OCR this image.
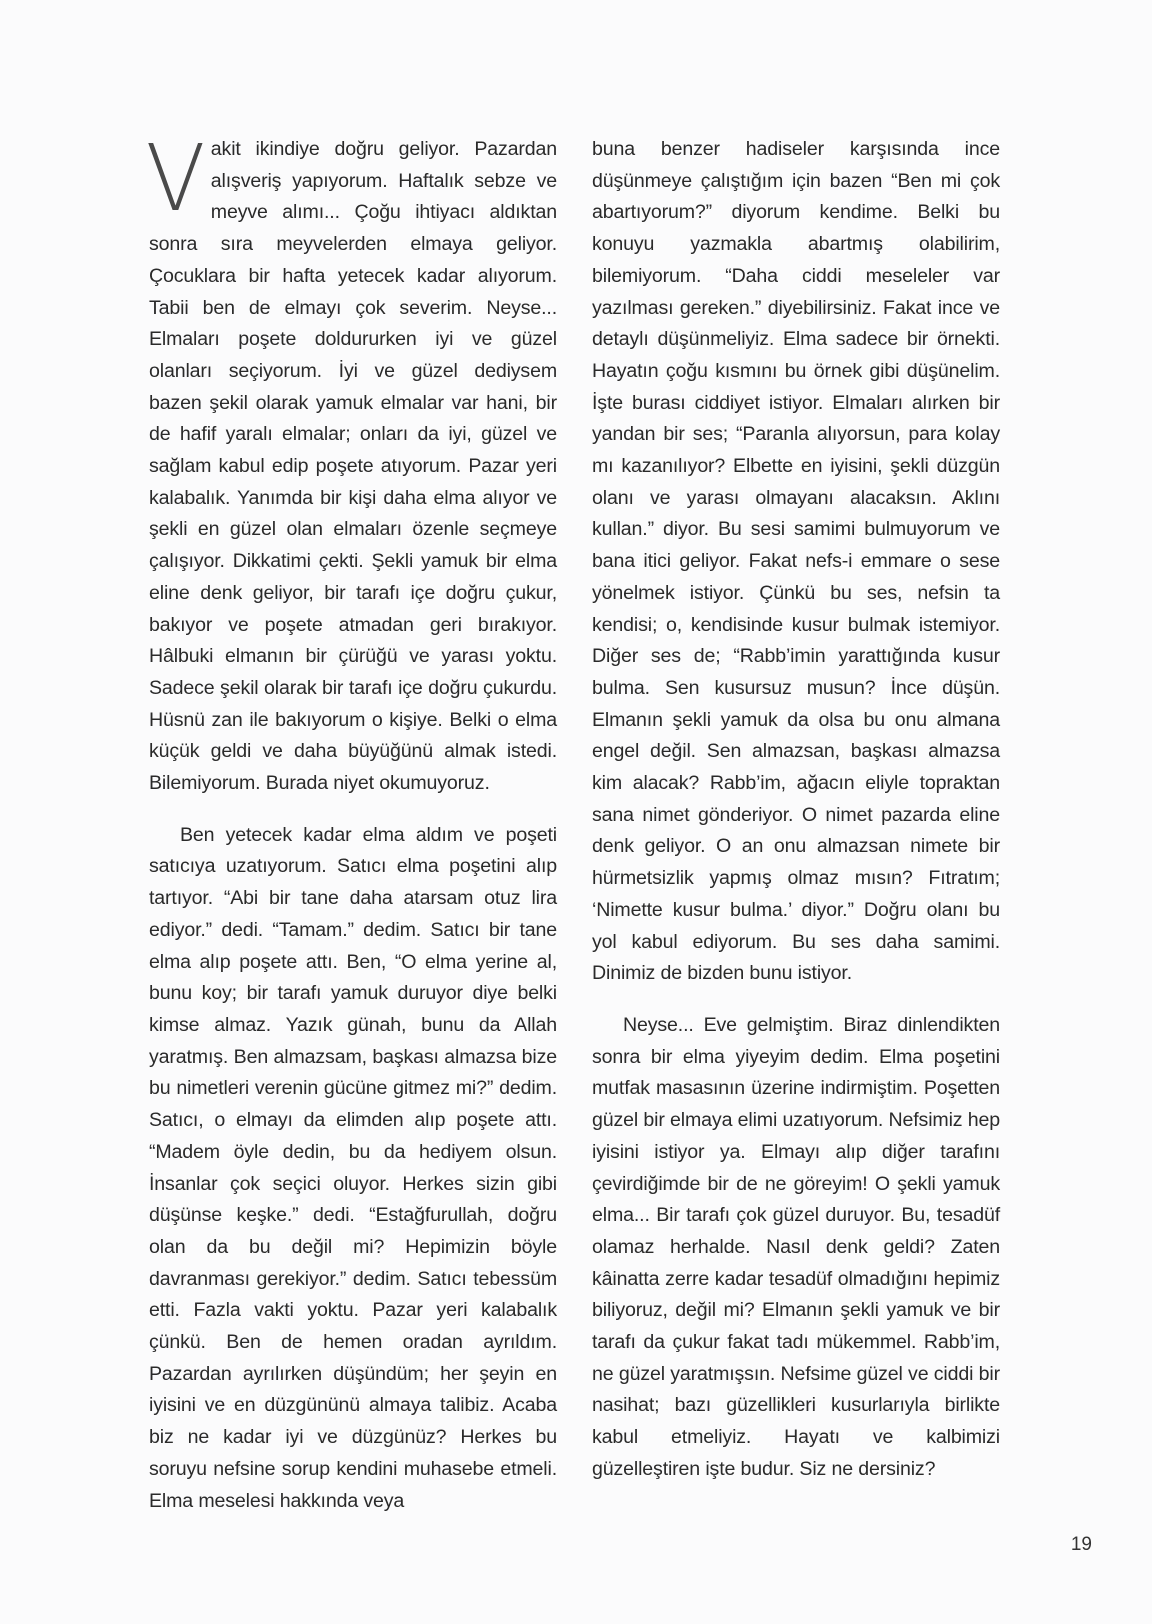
Vakit ikindiye doğru geliyor. Pazardan alışveriş yapıyorum. Haftalık sebze ve meyve alımı... Çoğu ihtiyacı aldıktan sonra sıra meyvelerden elmaya geliyor. Çocuklara bir hafta yetecek kadar alıyorum. Tabii ben de elmayı çok severim. Neyse... Elmaları poşete doldururken iyi ve güzel olanları seçiyorum. İyi ve güzel dediysem bazen şekil olarak yamuk elmalar var hani, bir de hafif yaralı elmalar; onları da iyi, güzel ve sağlam kabul edip poşete atıyorum. Pazar yeri kalabalık. Yanımda bir kişi daha elma alıyor ve şekli en güzel olan elmaları özenle seçmeye çalışıyor. Dikkatimi çekti. Şekli yamuk bir elma eline denk geliyor, bir tarafı içe doğru çukur, bakıyor ve poşete atmadan geri bırakıyor. Hâlbuki elmanın bir çürüğü ve yarası yoktu. Sadece şekil olarak bir tarafı içe doğru çukurdu. Hüsnü zan ile bakıyorum o kişiye. Belki o elma küçük geldi ve daha büyüğünü almak istedi. Bilemiyorum. Burada niyet okumuyoruz.

Ben yetecek kadar elma aldım ve poşeti satıcıya uzatıyorum. Satıcı elma poşetini alıp tartıyor. “Abi bir tane daha atarsam otuz lira ediyor.” dedi. “Tamam.” dedim. Satıcı bir tane elma alıp poşete attı. Ben, “O elma yerine al, bunu koy; bir tarafı yamuk duruyor diye belki kimse almaz. Yazık günah, bunu da Allah yaratmış. Ben almazsam, başkası almazsa bize bu nimetleri verenin gücüne gitmez mi?” dedim. Satıcı, o elmayı da elimden alıp poşete attı. “Madem öyle dedin, bu da hediyem olsun. İnsanlar çok seçici oluyor. Herkes sizin gibi düşünse keşke.” dedi. “Estağfurullah, doğru olan da bu değil mi? Hepimizin böyle davranması gerekiyor.” dedim. Satıcı tebessüm etti. Fazla vakti yoktu. Pazar yeri kalabalık çünkü. Ben de hemen oradan ayrıldım. Pazardan ayrılırken düşündüm; her şeyin en iyisini ve en düzgününü almaya talibiz. Acaba biz ne kadar iyi ve düzgünüz? Herkes bu soruyu nefsine sorup kendini muhasebe etmeli. Elma meselesi hakkında veya

buna benzer hadiseler karşısında ince düşünmeye çalıştığım için bazen “Ben mi çok abartıyorum?” diyorum kendime. Belki bu konuyu yazmakla abartmış olabilirim, bilemiyorum. “Daha ciddi meseleler var yazılması gereken.” diyebilirsiniz. Fakat ince ve detaylı düşünmeliyiz. Elma sadece bir örnekti. Hayatın çoğu kısmını bu örnek gibi düşünelim. İşte burası ciddiyet istiyor. Elmaları alırken bir yandan bir ses; “Paranla alıyorsun, para kolay mı kazanılıyor? Elbette en iyisini, şekli düzgün olanı ve yarası olmayanı alacaksın. Aklını kullan.” diyor. Bu sesi samimi bulmuyorum ve bana itici geliyor. Fakat nefs-i emmare o sese yönelmek istiyor. Çünkü bu ses, nefsin ta kendisi; o, kendisinde kusur bulmak istemiyor. Diğer ses de; “Rabb’imin yarattığında kusur bulma. Sen kusursuz musun? İnce düşün. Elmanın şekli yamuk da olsa bu onu almana engel değil. Sen almazsan, başkası almazsa kim alacak? Rabb’im, ağacın eliyle topraktan sana nimet gönderiyor. O nimet pazarda eline denk geliyor. O an onu almazsan nimete bir hürmetsizlik yapmış olmaz mısın? Fıtratım; ‘Nimette kusur bulma.’ diyor.” Doğru olanı bu yol kabul ediyorum. Bu ses daha samimi. Dinimiz de bizden bunu istiyor.

Neyse... Eve gelmiştim. Biraz dinlendikten sonra bir elma yiyeyim dedim. Elma poşetini mutfak masasının üzerine indirmiştim. Poşetten güzel bir elmaya elimi uzatıyorum. Nefsimiz hep iyisini istiyor ya. Elmayı alıp diğer tarafını çevirdiğimde bir de ne göreyim! O şekli yamuk elma... Bir tarafı çok güzel duruyor. Bu, tesadüf olamaz herhalde. Nasıl denk geldi? Zaten kâinatta zerre kadar tesadüf olmadığını hepimiz biliyoruz, değil mi? Elmanın şekli yamuk ve bir tarafı da çukur fakat tadı mükemmel. Rabb’im, ne güzel yaratmışsın. Nefsime güzel ve ciddi bir nasihat; bazı güzellikleri kusurlarıyla birlikte kabul etmeliyiz. Hayatı ve kalbimizi güzelleştiren işte budur. Siz ne dersiniz?

19
